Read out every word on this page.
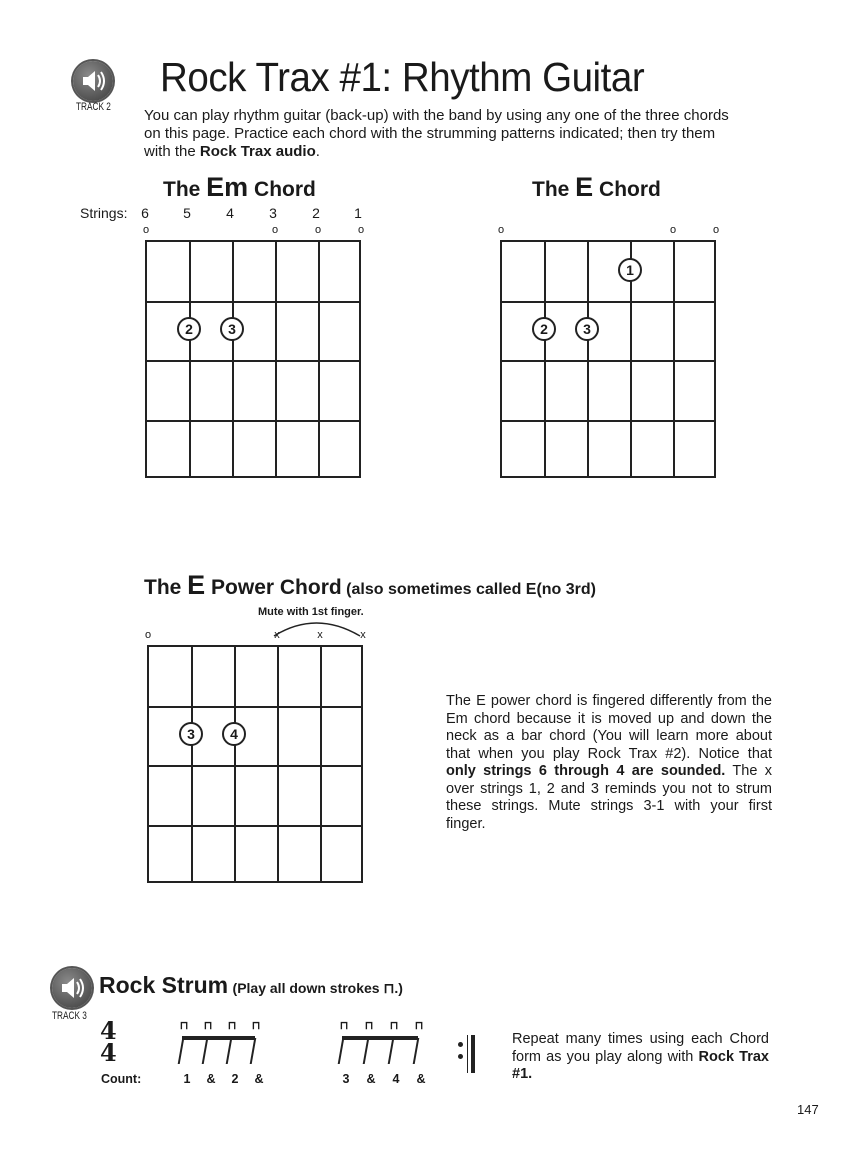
TRACK 2
Rock Trax #1: Rhythm Guitar
You can play rhythm guitar (back-up) with the band by using any one of the three chords on this page. Practice each chord with the strumming patterns indicated; then try them with the Rock Trax audio.
The Em Chord	The E Chord
Strings: 6 5	4	3	2 1
o	o	o	o
2	3
o	o	o
1
2	3
The E Power Chord (also sometimes called E(no 3rd)
Mute with 1st finger.
o	x	x	x
3	4
The E power chord is fingered differently from the Em chord because it is moved up and down the neck as a bar chord (You will learn more about that when you play Rock Trax #2). Notice that only strings 6 through 4 are sounded. The x over strings 1, 2 and 3 reminds you not to strum these strings. Mute strings 3-1 with your first finger.
TRACK 3
Rock Strum (Play all down strokes ⊓.)
4
4
Count:
⊓ ⊓ ⊓ ⊓	⊓ ⊓ ⊓ ⊓
1 & 2 &	3 & 4 &
Repeat many times using each Chord form as you play along with Rock Trax #1.
147
